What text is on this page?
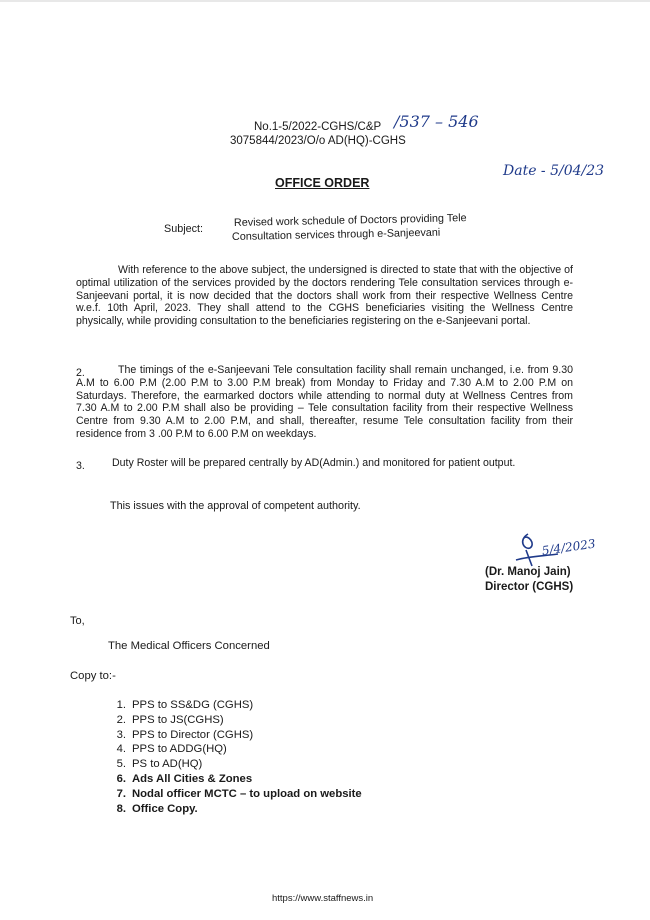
No.1-5/2022-CGHS/C&P /537 – 546
3075844/2023/O/o AD(HQ)-CGHS
Date - 5/04/23
OFFICE ORDER
Subject:
Revised work schedule of Doctors providing Tele
Consultation services through e-Sanjeevani
With reference to the above subject, the undersigned is directed to state that with the objective of optimal utilization of the services provided by the doctors rendering Tele consultation services through e-Sanjeevani portal, it is now decided that the doctors shall work from their respective Wellness Centre w.e.f. 10th April, 2023. They shall attend to the CGHS beneficiaries visiting the Wellness Centre physically, while providing consultation to the beneficiaries registering on the e-Sanjeevani portal.
2.	The timings of the e-Sanjeevani Tele consultation facility shall remain unchanged, i.e. from 9.30 A.M to 6.00 P.M (2.00 P.M to 3.00 P.M break) from Monday to Friday and 7.30 A.M to 2.00 P.M on Saturdays. Therefore, the earmarked doctors while attending to normal duty at Wellness Centres from 7.30 A.M to 2.00 P.M shall also be providing – Tele consultation facility from their respective Wellness Centre from 9.30 A.M to 2.00 P.M, and shall, thereafter, resume Tele consultation facility from their residence from 3 .00 P.M to 6.00 P.M on weekdays.
3.	Duty Roster will be prepared centrally by AD(Admin.) and monitored for patient output.
This issues with the approval of competent authority.
5/4/2023
(Dr. Manoj Jain)
Director (CGHS)
To,
The Medical Officers Concerned
Copy to:-
1. PPS to SS&DG (CGHS)
2. PPS to JS(CGHS)
3. PPS to Director (CGHS)
4. PPS to ADDG(HQ)
5. PS to AD(HQ)
6. Ads All Cities & Zones
7. Nodal officer MCTC – to upload on website
8. Office Copy.
https://www.staffnews.in
